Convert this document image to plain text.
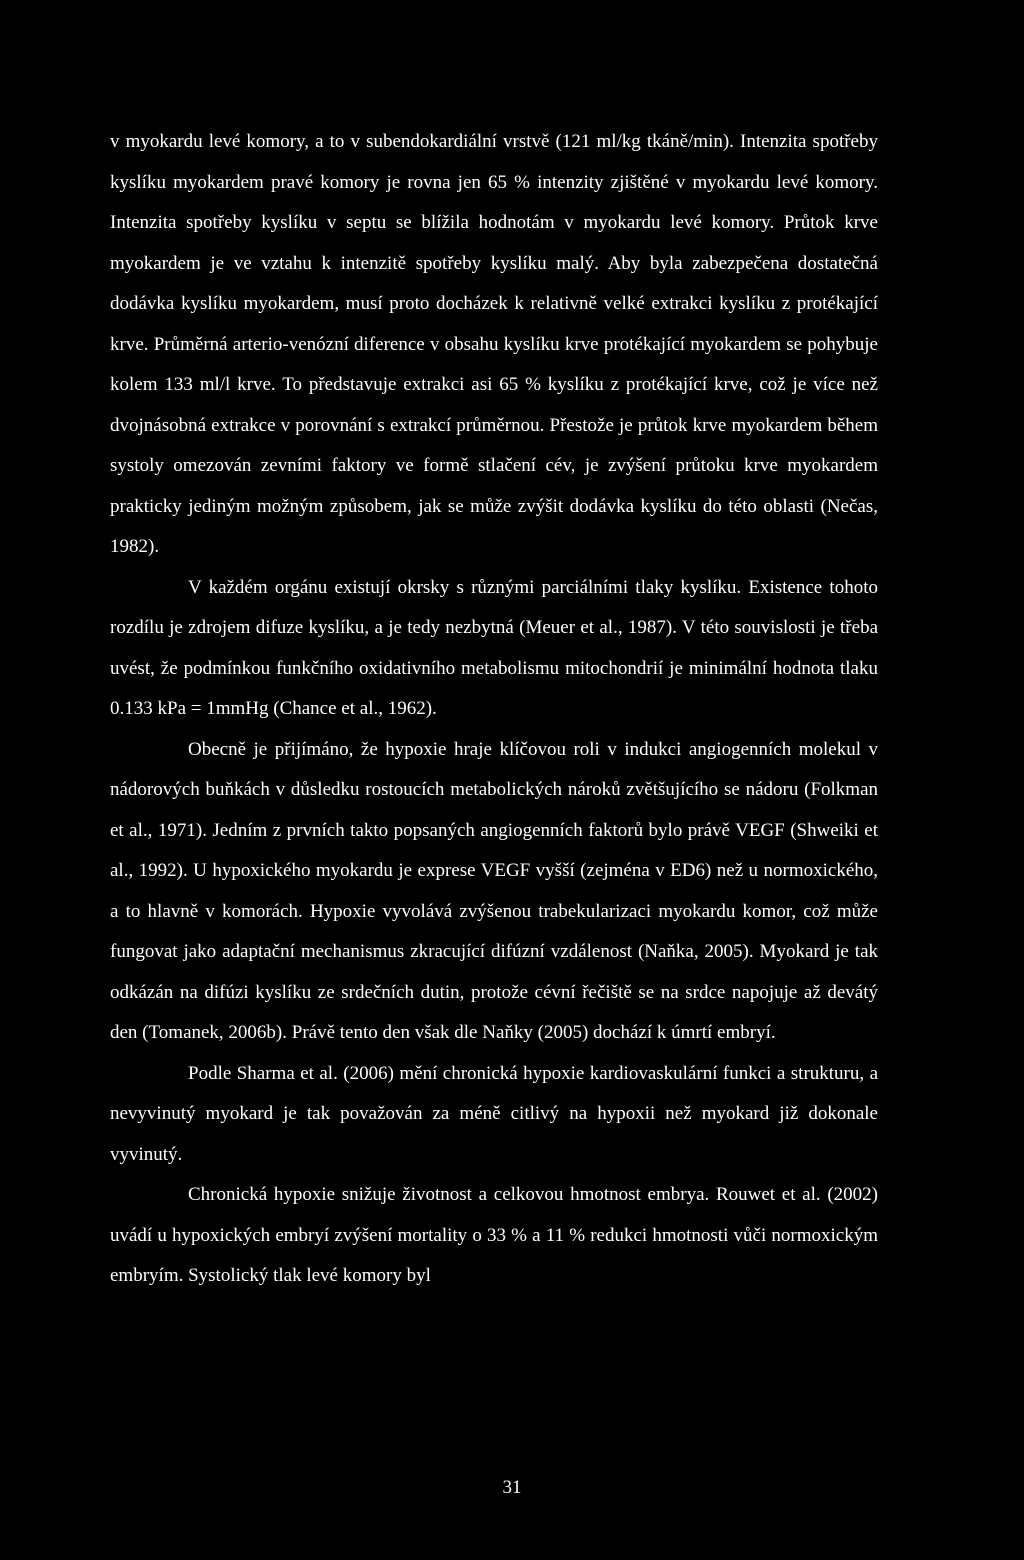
v myokardu levé komory, a to v subendokardiální vrstvě (121 ml/kg tkáně/min). Intenzita spotřeby kyslíku myokardem pravé komory je rovna jen 65 % intenzity zjištěné v myokardu levé komory. Intenzita spotřeby kyslíku v septu se blížila hodnotám v myokardu levé komory. Průtok krve myokardem je ve vztahu k intenzitě spotřeby kyslíku malý. Aby byla zabezpečena dostatečná dodávka kyslíku myokardem, musí proto docházek k relativně velké extrakci kyslíku z protékající krve. Průměrná arterio-venózní diference v obsahu kyslíku krve protékající myokardem se pohybuje kolem 133 ml/l krve. To představuje extrakci asi 65 % kyslíku z protékající krve, což je více než dvojnásobná extrakce v porovnání s extrakcí průměrnou. Přestože je průtok krve myokardem během systoly omezován zevními faktory ve formě stlačení cév, je zvýšení průtoku krve myokardem prakticky jediným možným způsobem, jak se může zvýšit dodávka kyslíku do této oblasti (Nečas, 1982).

V každém orgánu existují okrsky s různými parciálními tlaky kyslíku. Existence tohoto rozdílu je zdrojem difuze kyslíku, a je tedy nezbytná (Meuer et al., 1987). V této souvislosti je třeba uvést, že podmínkou funkčního oxidativního metabolismu mitochondrií je minimální hodnota tlaku 0.133 kPa = 1mmHg (Chance et al., 1962).

Obecně je přijímáno, že hypoxie hraje klíčovou roli v indukci angiogenních molekul v nádorových buňkách v důsledku rostoucích metabolických nároků zvětšujícího se nádoru (Folkman et al., 1971). Jedním z prvních takto popsaných angiogenních faktorů bylo právě VEGF (Shweiki et al., 1992). U hypoxického myokardu je exprese VEGF vyšší (zejména v ED6) než u normoxického, a to hlavně v komorách. Hypoxie vyvolává zvýšenou trabekularizaci myokardu komor, což může fungovat jako adaptační mechanismus zkracující difúzní vzdálenost (Naňka, 2005). Myokard je tak odkázán na difúzi kyslíku ze srdečních dutin, protože cévní řečiště se na srdce napojuje až devátý den (Tomanek, 2006b). Právě tento den však dle Naňky (2005) dochází k úmrtí embryí.

Podle Sharma et al. (2006) mění chronická hypoxie kardiovaskulární funkci a strukturu, a nevyvinutý myokard je tak považován za méně citlivý na hypoxii než myokard již dokonale vyvinutý.

Chronická hypoxie snižuje životnost a celkovou hmotnost embrya. Rouwet et al. (2002) uvádí u hypoxických embryí zvýšení mortality o 33 % a 11 % redukci hmotnosti vůči normoxickým embryím. Systolický tlak levé komory byl

31
